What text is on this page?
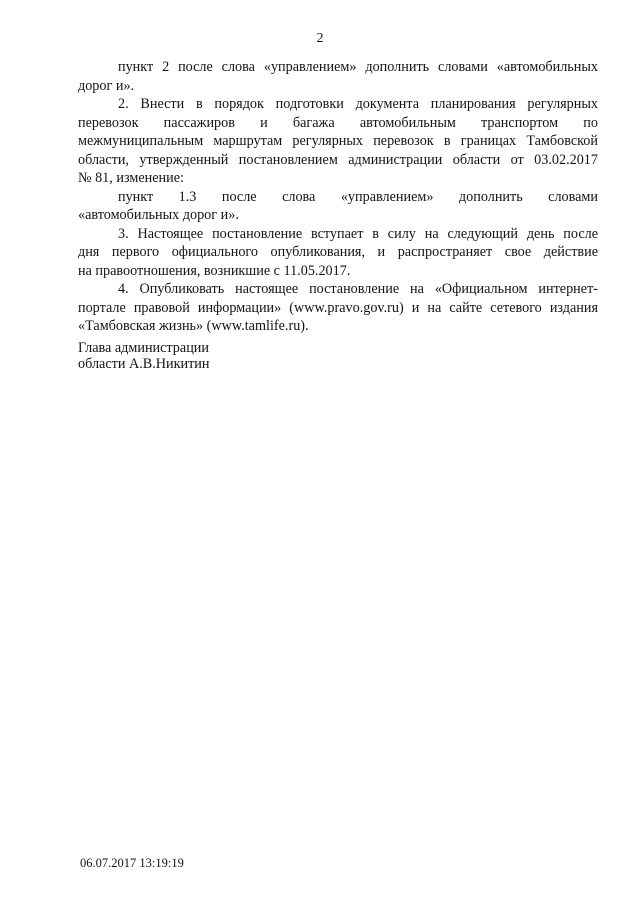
2
пункт 2 после слова «управлением» дополнить словами «автомобильных
дорог и».
2. Внести в порядок подготовки документа планирования регулярных
перевозок пассажиров и багажа автомобильным транспортом по
межмуниципальным маршрутам регулярных перевозок в границах Тамбовской
области, утвержденный постановлением администрации области от 03.02.2017
№ 81, изменение:
пункт 1.3 после слова «управлением» дополнить словами
«автомобильных дорог и».
3. Настоящее постановление вступает в силу на следующий день после
дня первого официального опубликования, и распространяет свое действие
на правоотношения, возникшие с 11.05.2017.
4. Опубликовать настоящее постановление на «Официальном интернет-
портале правовой информации» (www.pravo.gov.ru) и на сайте сетевого издания
«Тамбовская жизнь» (www.tamlife.ru).
Глава администрации
области А.В.Никитин
06.07.2017 13:19:19
